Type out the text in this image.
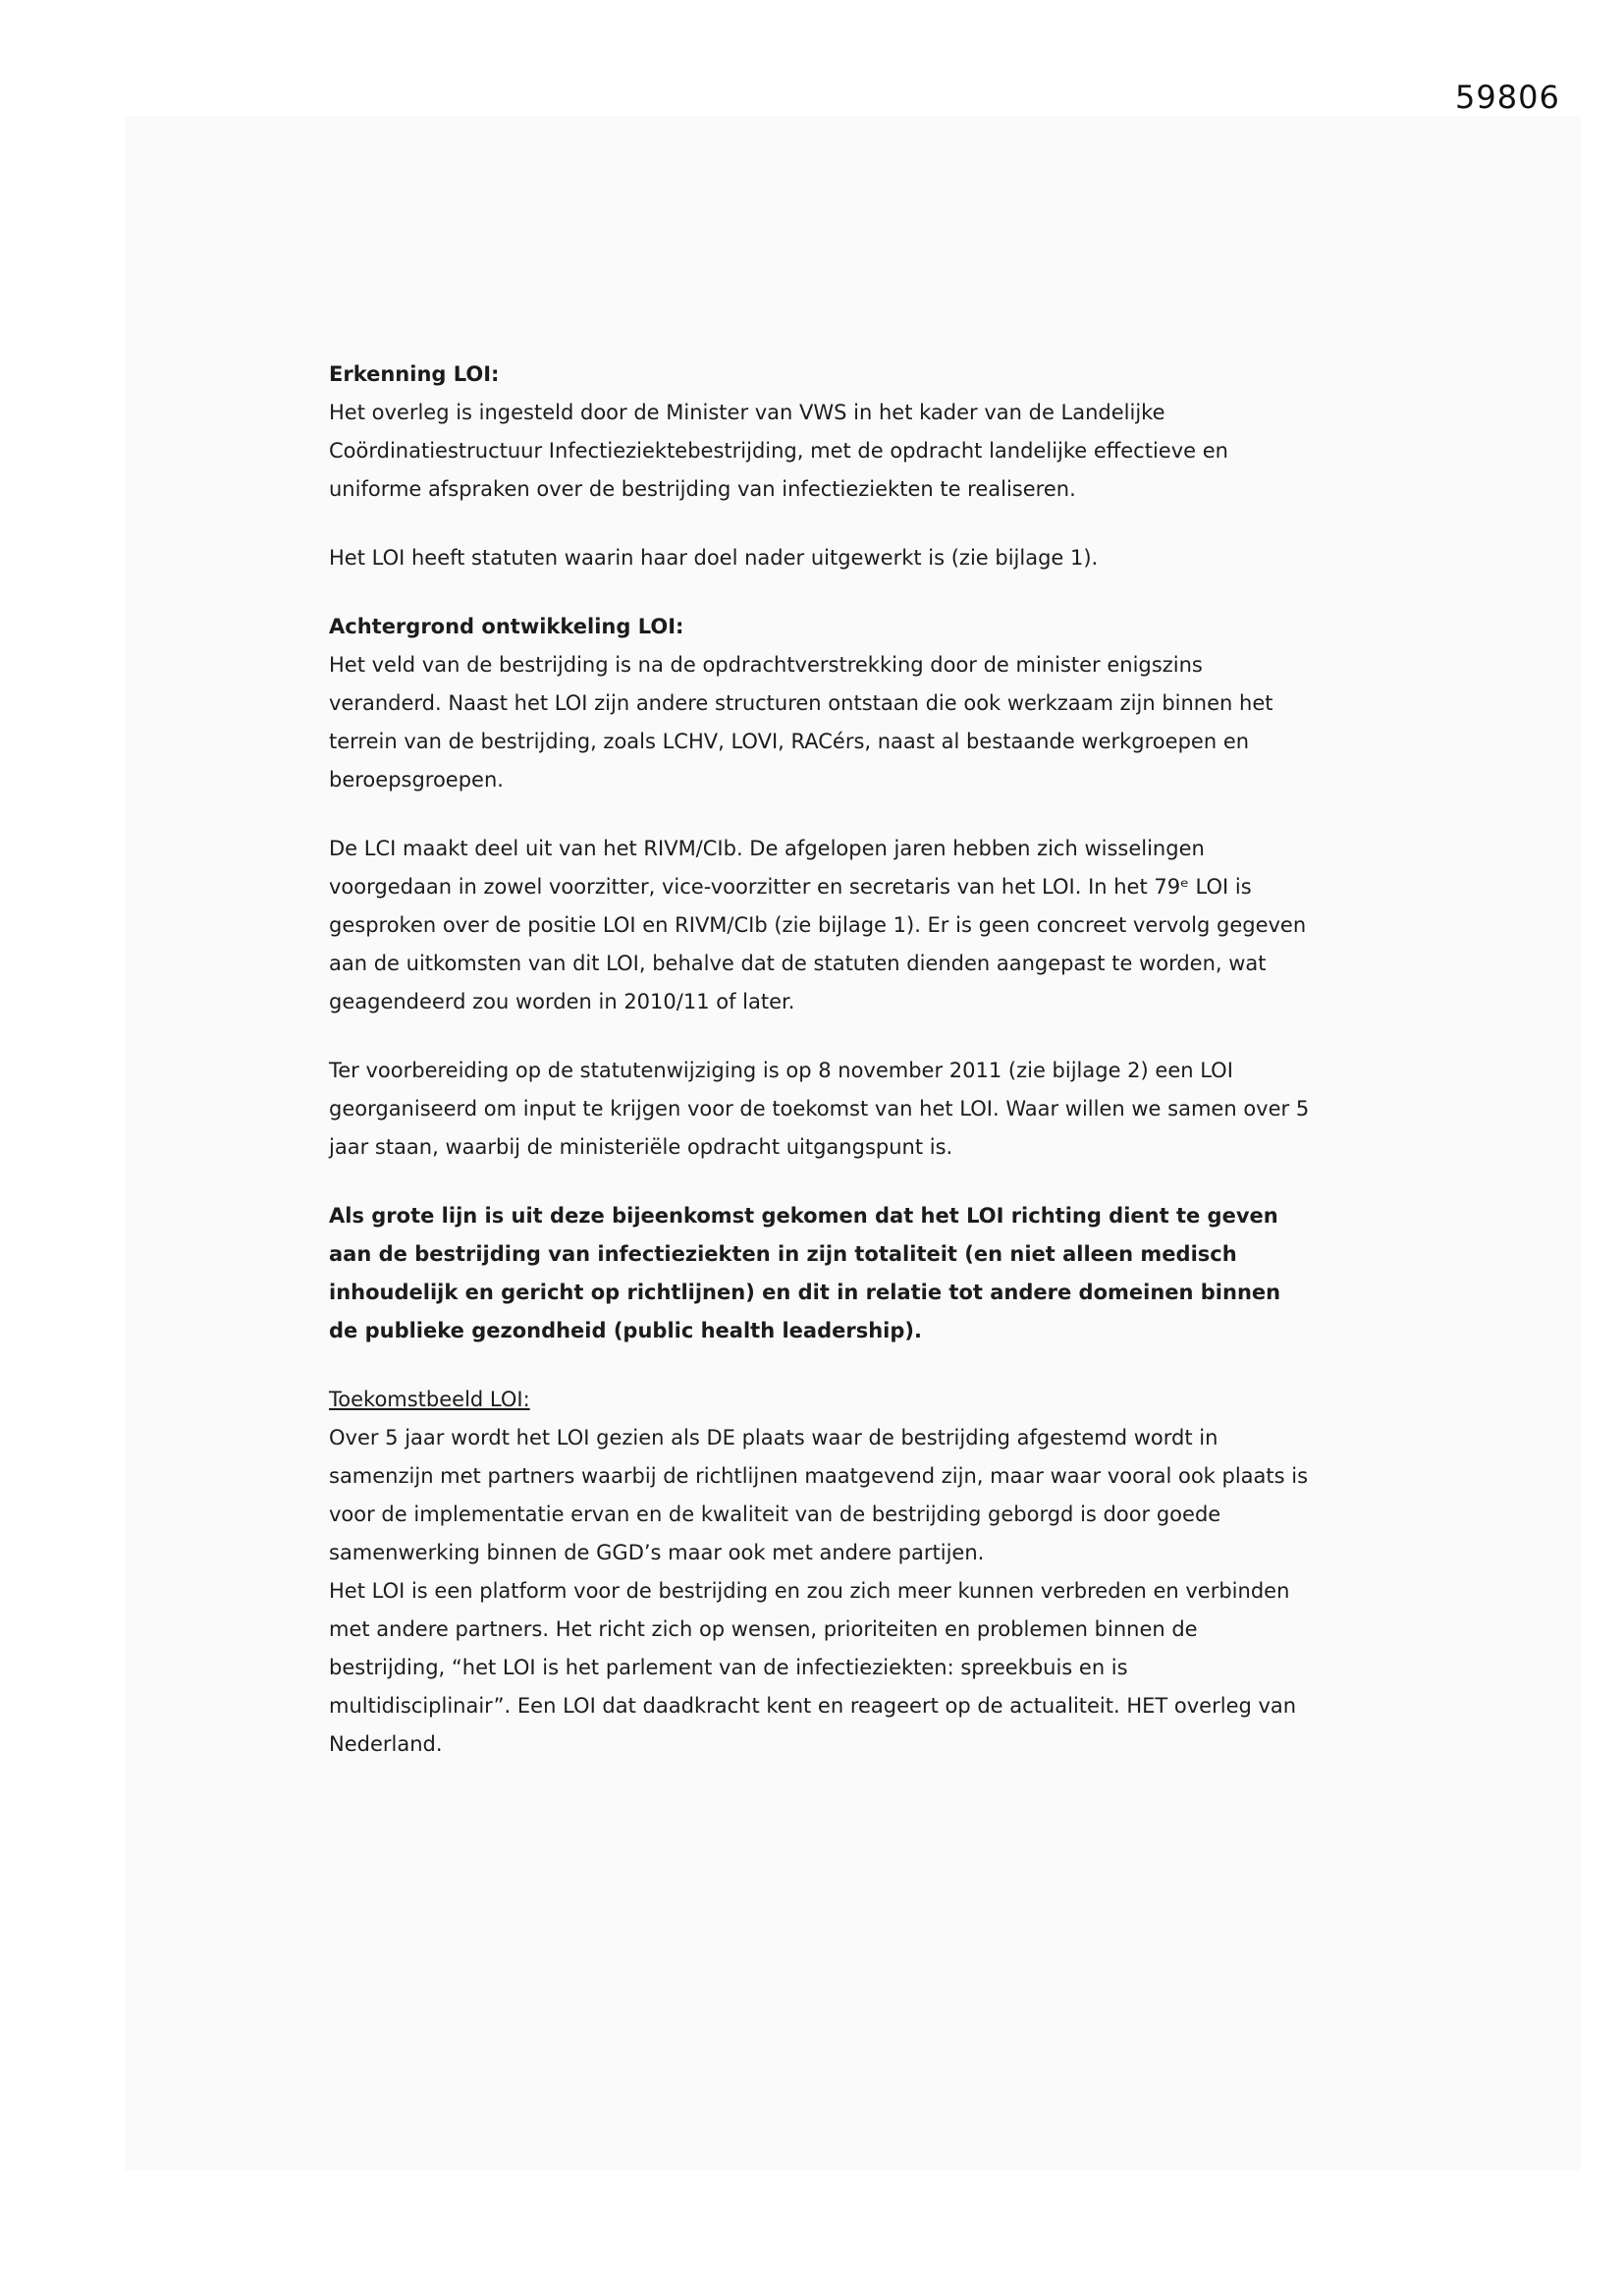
59806

Erkenning LOI:

Het overleg is ingesteld door de Minister van VWS in het kader van de Landelijke Coördinatiestructuur Infectieziektebestrijding, met de opdracht landelijke effectieve en uniforme afspraken over de bestrijding van infectieziekten te realiseren.

Het LOI heeft statuten waarin haar doel nader uitgewerkt is (zie bijlage 1).

Achtergrond ontwikkeling LOI:

Het veld van de bestrijding is na de opdrachtverstrekking door de minister enigszins veranderd. Naast het LOI zijn andere structuren ontstaan die ook werkzaam zijn binnen het terrein van de bestrijding, zoals LCHV, LOVI, RACérs, naast al bestaande werkgroepen en beroepsgroepen.

De LCI maakt deel uit van het RIVM/CIb. De afgelopen jaren hebben zich wisselingen voorgedaan in zowel voorzitter, vice-voorzitter en secretaris van het LOI. In het 79ᵉ LOI is gesproken over de positie LOI en RIVM/CIb (zie bijlage 1). Er is geen concreet vervolg gegeven aan de uitkomsten van dit LOI, behalve dat de statuten dienden aangepast te worden, wat geagendeerd zou worden in 2010/11 of later.

Ter voorbereiding op de statutenwijziging is op 8 november 2011 (zie bijlage 2) een LOI georganiseerd om input te krijgen voor de toekomst van het LOI. Waar willen we samen over 5 jaar staan, waarbij de ministeriële opdracht uitgangspunt is.

Als grote lijn is uit deze bijeenkomst gekomen dat het LOI richting dient te geven aan de bestrijding van infectieziekten in zijn totaliteit (en niet alleen medisch inhoudelijk en gericht op richtlijnen) en dit in relatie tot andere domeinen binnen de publieke gezondheid (public health leadership).

Toekomstbeeld LOI:

Over 5 jaar wordt het LOI gezien als DE plaats waar de bestrijding afgestemd wordt in samenzijn met partners waarbij de richtlijnen maatgevend zijn, maar waar vooral ook plaats is voor de implementatie ervan en de kwaliteit van de bestrijding geborgd is door goede samenwerking binnen de GGD’s maar ook met andere partijen.

Het LOI is een platform voor de bestrijding en zou zich meer kunnen verbreden en verbinden met andere partners. Het richt zich op wensen, prioriteiten en problemen binnen de bestrijding, “het LOI is het parlement van de infectieziekten: spreekbuis en is multidisciplinair”. Een LOI dat daadkracht kent en reageert op de actualiteit. HET overleg van Nederland.
